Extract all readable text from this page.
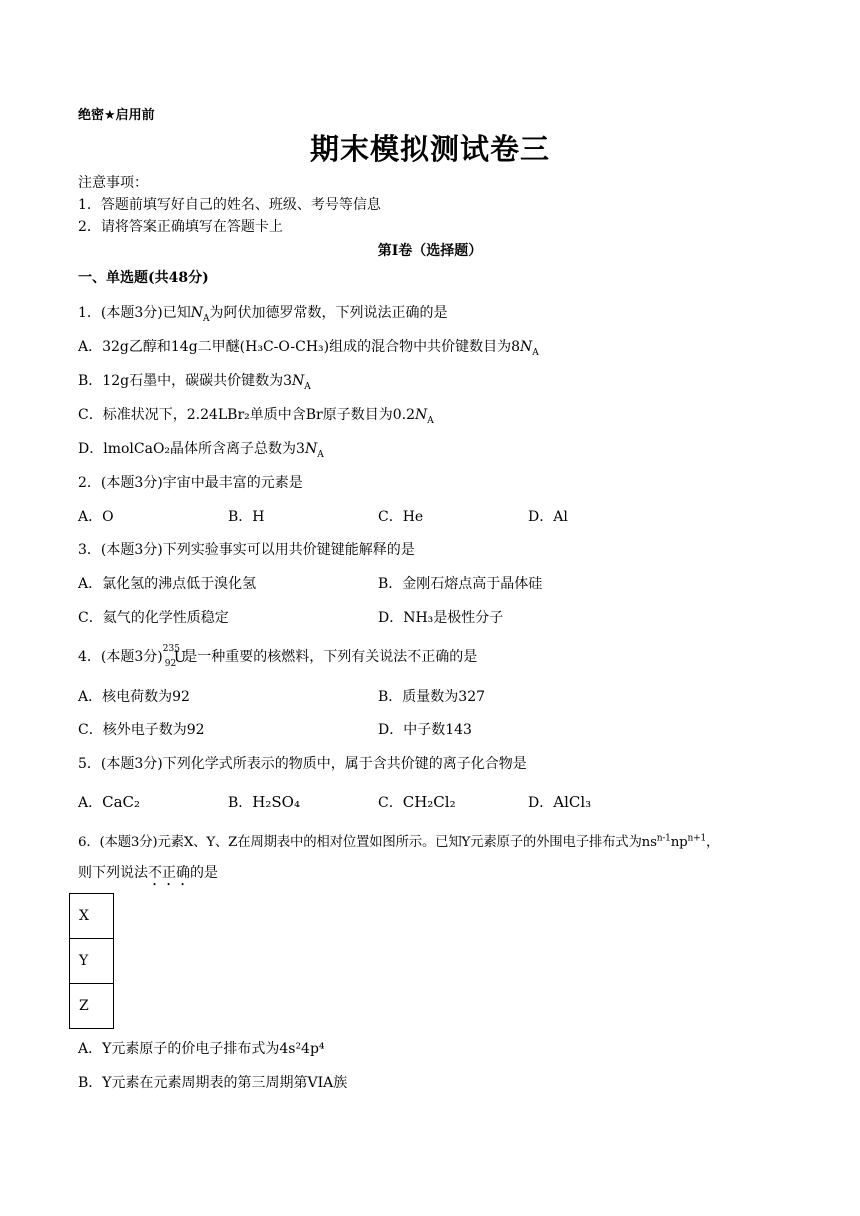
绝密★启用前
期末模拟测试卷三
注意事项：
1．答题前填写好自己的姓名、班级、考号等信息
2．请将答案正确填写在答题卡上
第I卷（选择题）
一、单选题(共48分)
1．(本题3分)已知$N_A$为阿伏加德罗常数，下列说法正确的是
A．32g乙醇和14g二甲醚(H₃C-O-CH₃)组成的混合物中共价键数目为$8N_A$
B．12g石墨中，碳碳共价键数为$3N_A$
C．标准状况下，2.24LBr₂单质中含Br原子数目为$0.2N_A$
D．lmolCaO₂晶体所含离子总数为$3N_A$
2．(本题3分)宇宙中最丰富的元素是
A．O	B．H	C．He	D．Al
3．(本题3分)下列实验事实可以用共价键键能解释的是
A．氯化氢的沸点低于溴化氢	B．金刚石熔点高于晶体硅
C．氦气的化学性质稳定	D．NH₃是极性分子
4．(本题3分) 235
92
U
是一种重要的核燃料，下列有关说法不正确的是
A．核电荷数为92	B．质量数为327
C．核外电子数为92	D．中子数143
5．(本题3分)下列化学式所表示的物质中，属于含共价键的离子化合物是
A．CaC₂	B．H₂SO₄	C．CH₂Cl₂	D．AlCl₃
6．(本题3分)元素X、Y、Z在周期表中的相对位置如图所示。已知Y元素原子的外围电子排布式为$ns^{n-1}np^{n+1}$，
则下列说法不正确的是
X
Y
Z
A．Y元素原子的价电子排布式为4s²4p⁴
B．Y元素在元素周期表的第三周期第VIA族
